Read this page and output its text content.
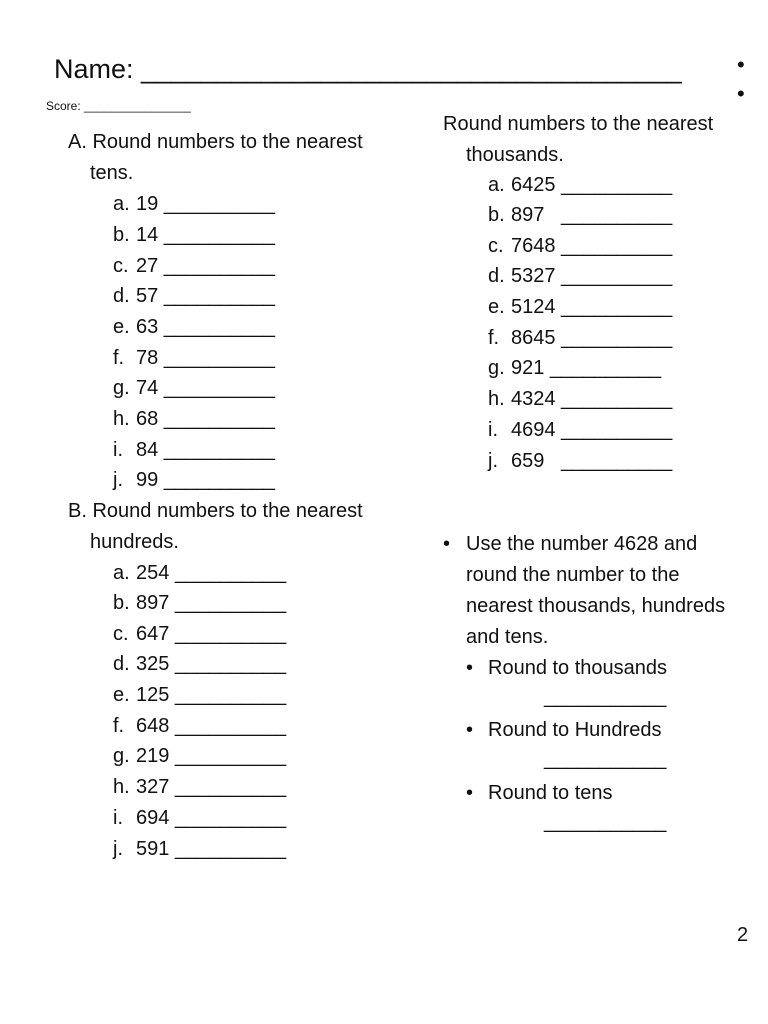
Name: ____________________________________
Score: ________________
•
•
A. Round numbers to the nearest
tens.
a. 19 __________
b. 14 __________
c. 27 __________
d. 57 __________
e. 63 __________
f. 78 __________
g. 74 __________
h. 68 __________
i. 84 __________
j. 99 __________
B. Round numbers to the nearest
hundreds.
a. 254 __________
b. 897 __________
c. 647 __________
d. 325 __________
e. 125 __________
f. 648 __________
g. 219 __________
h. 327 __________
i. 694 __________
j. 591 __________
Round numbers to the nearest
thousands.
a. 6425 __________
b. 897   __________
c. 7648 __________
d. 5327 __________
e. 5124 __________
f. 8645 __________
g. 921 __________
h. 4324 __________
i. 4694 __________
j. 659   __________
• Use the number 4628 and
round the number to the
nearest thousands, hundreds
and tens.
• Round to thousands
___________
• Round to Hundreds
___________
• Round to tens
___________
2
